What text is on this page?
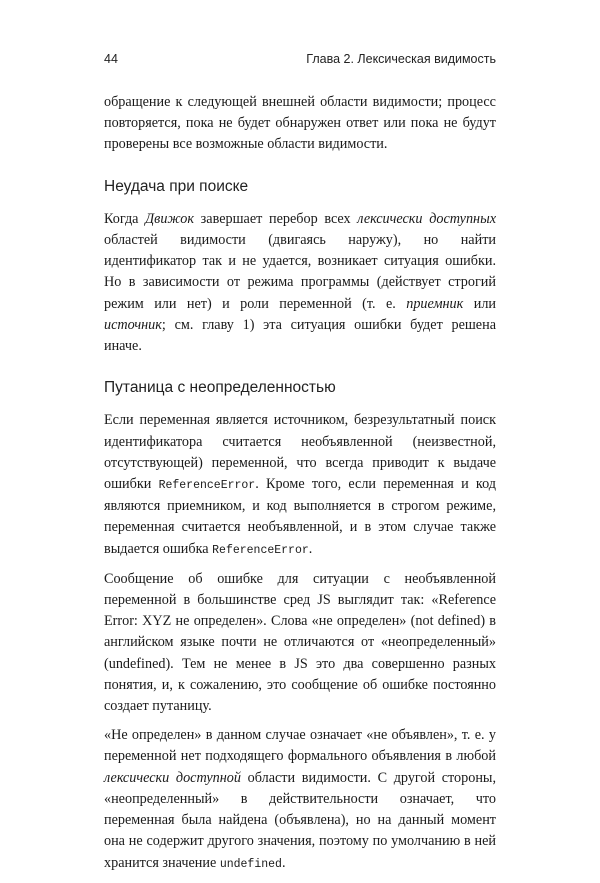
44	Глава 2. Лексическая видимость

обращение к следующей внешней области видимости; процесс повторяется, пока не будет обнаружен ответ или пока не будут проверены все возможные области видимости.

Неудача при поиске

Когда Движок завершает перебор всех лексически доступных областей видимости (двигаясь наружу), но найти идентификатор так и не удается, возникает ситуация ошибки. Но в зависимости от режима программы (действует строгий режим или нет) и роли переменной (т. е. приемник или источник; см. главу 1) эта ситуация ошибки будет решена иначе.

Путаница с неопределенностью

Если переменная является источником, безрезультатный поиск идентификатора считается необъявленной (неизвестной, отсутствующей) переменной, что всегда приводит к выдаче ошибки ReferenceError. Кроме того, если переменная и код являются приемником, и код выполняется в строгом режиме, переменная считается необъявленной, и в этом случае также выдается ошибка ReferenceError.

Сообщение об ошибке для ситуации с необъявленной переменной в большинстве сред JS выглядит так: «Reference Error: XYZ не определен». Слова «не определен» (not defined) в английском языке почти не отличаются от «неопределенный» (undefined). Тем не менее в JS это два совершенно разных понятия, и, к сожалению, это сообщение об ошибке постоянно создает путаницу.

«Не определен» в данном случае означает «не объявлен», т. е. у переменной нет подходящего формального объявления в любой лексически доступной области видимости. С другой стороны, «неопределенный» в действительности означает, что переменная была найдена (объявлена), но на данный момент она не содержит другого значения, поэтому по умолчанию в ней хранится значение undefined.
